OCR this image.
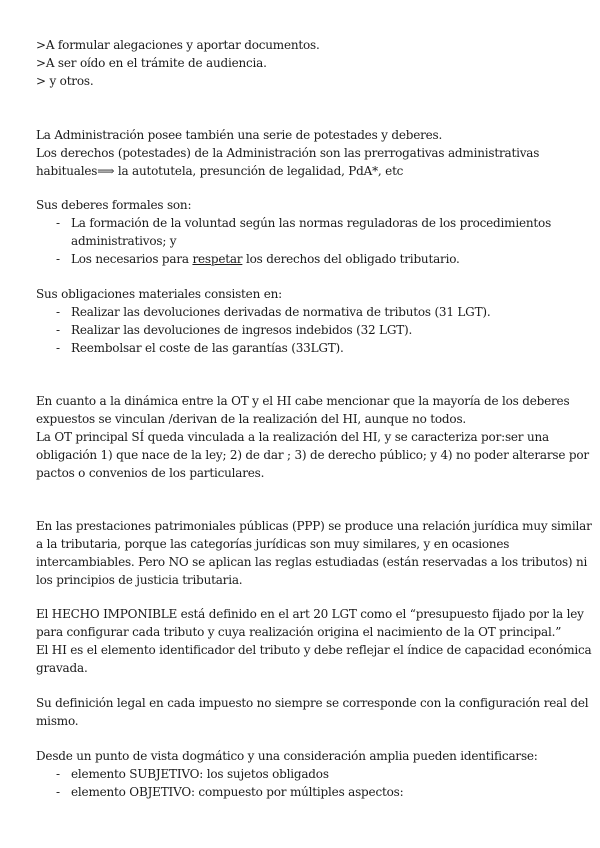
>A formular alegaciones y aportar documentos.
>A ser oído en el trámite de audiencia.
> y otros.
La Administración posee también una serie de potestades y deberes.
Los derechos (potestades) de la Administración son las prerrogativas administrativas
habituales⟹ la autotutela, presunción de legalidad, PdA*, etc
Sus deberes formales son:
- La formación de la voluntad según las normas reguladoras de los procedimientos
administrativos; y
- Los necesarios para respetar los derechos del obligado tributario.
Sus obligaciones materiales consisten en:
- Realizar las devoluciones derivadas de normativa de tributos (31 LGT).
- Realizar las devoluciones de ingresos indebidos (32 LGT).
- Reembolsar el coste de las garantías (33LGT).
En cuanto a la dinámica entre la OT y el HI cabe mencionar que la mayoría de los deberes
expuestos se vinculan /derivan de la realización del HI, aunque no todos.
La OT principal SÍ queda vinculada a la realización del HI, y se caracteriza por:ser una
obligación 1) que nace de la ley; 2) de dar ; 3) de derecho público; y 4) no poder alterarse por
pactos o convenios de los particulares.
En las prestaciones patrimoniales públicas (PPP) se produce una relación jurídica muy similar
a la tributaria, porque las categorías jurídicas son muy similares, y en ocasiones
intercambiables. Pero NO se aplican las reglas estudiadas (están reservadas a los tributos) ni
los principios de justicia tributaria.
El HECHO IMPONIBLE está definido en el art 20 LGT como el “presupuesto fijado por la ley
para configurar cada tributo y cuya realización origina el nacimiento de la OT principal.”
El HI es el elemento identificador del tributo y debe reflejar el índice de capacidad económica
gravada.
Su definición legal en cada impuesto no siempre se corresponde con la configuración real del
mismo.
Desde un punto de vista dogmático y una consideración amplia pueden identificarse:
- elemento SUBJETIVO: los sujetos obligados
- elemento OBJETIVO: compuesto por múltiples aspectos:
